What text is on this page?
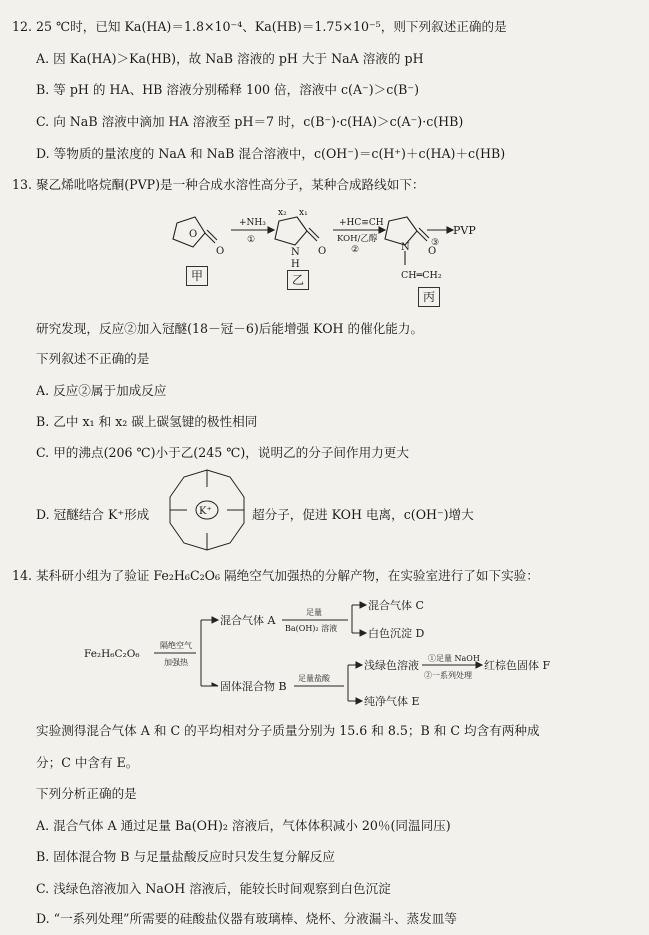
12. 25 ℃时，已知 Ka(HA)＝1.8×10⁻⁴、Ka(HB)＝1.75×10⁻⁵，则下列叙述正确的是
A. 因 Ka(HA)＞Ka(HB)，故 NaB 溶液的 pH 大于 NaA 溶液的 pH
B. 等 pH 的 HA、HB 溶液分别稀释 100 倍，溶液中 c(A⁻)＞c(B⁻)
C. 向 NaB 溶液中滴加 HA 溶液至 pH＝7 时，c(B⁻)·c(HA)＞c(A⁻)·c(HB)
D. 等物质的量浓度的 NaA 和 NaB 混合溶液中，c(OH⁻)＝c(H⁺)＋c(HA)＋c(HB)
13. 聚乙烯吡咯烷酮(PVP)是一种合成水溶性高分子，某种合成路线如下：
O
O
+NH₃
①
x₂ x₁
N
H
O
+HC≡CH
KOH/乙醇
②	N O
PVP
③
CH═CH₂
甲	乙
丙
研究发现，反应②加入冠醚(18－冠－6)后能增强 KOH 的催化能力。
下列叙述不正确的是
A. 反应②属于加成反应
B. 乙中 x₁ 和 x₂ 碳上碳氢键的极性相同
C. 甲的沸点(206 ℃)小于乙(245 ℃)，说明乙的分子间作用力更大
D. 冠醚结合 K⁺形成	K⁺	超分子，促进 KOH 电离，c(OH⁻)增大
14. 某科研小组为了验证 Fe₂H₆C₂O₆ 隔绝空气加强热的分解产物，在实验室进行了如下实验：
Fe₂H₆C₂O₆
隔绝空气
加强热
混合气体 A
足量
Ba(OH)₂ 溶液
混合气体 C
白色沉淀 D
固体混合物 B
足量盐酸
浅绿色溶液
①足量 NaOH
②一系列处理
红棕色固体 F
纯净气体 E
实验测得混合气体 A 和 C 的平均相对分子质量分别为 15.6 和 8.5；B 和 C 均含有两种成
分；C 中含有 E。
下列分析正确的是
A. 混合气体 A 通过足量 Ba(OH)₂ 溶液后，气体体积减小 20％(同温同压)
B. 固体混合物 B 与足量盐酸反应时只发生复分解反应
C. 浅绿色溶液加入 NaOH 溶液后，能较长时间观察到白色沉淀
D. “一系列处理”所需要的硅酸盐仪器有玻璃棒、烧杯、分液漏斗、蒸发皿等
